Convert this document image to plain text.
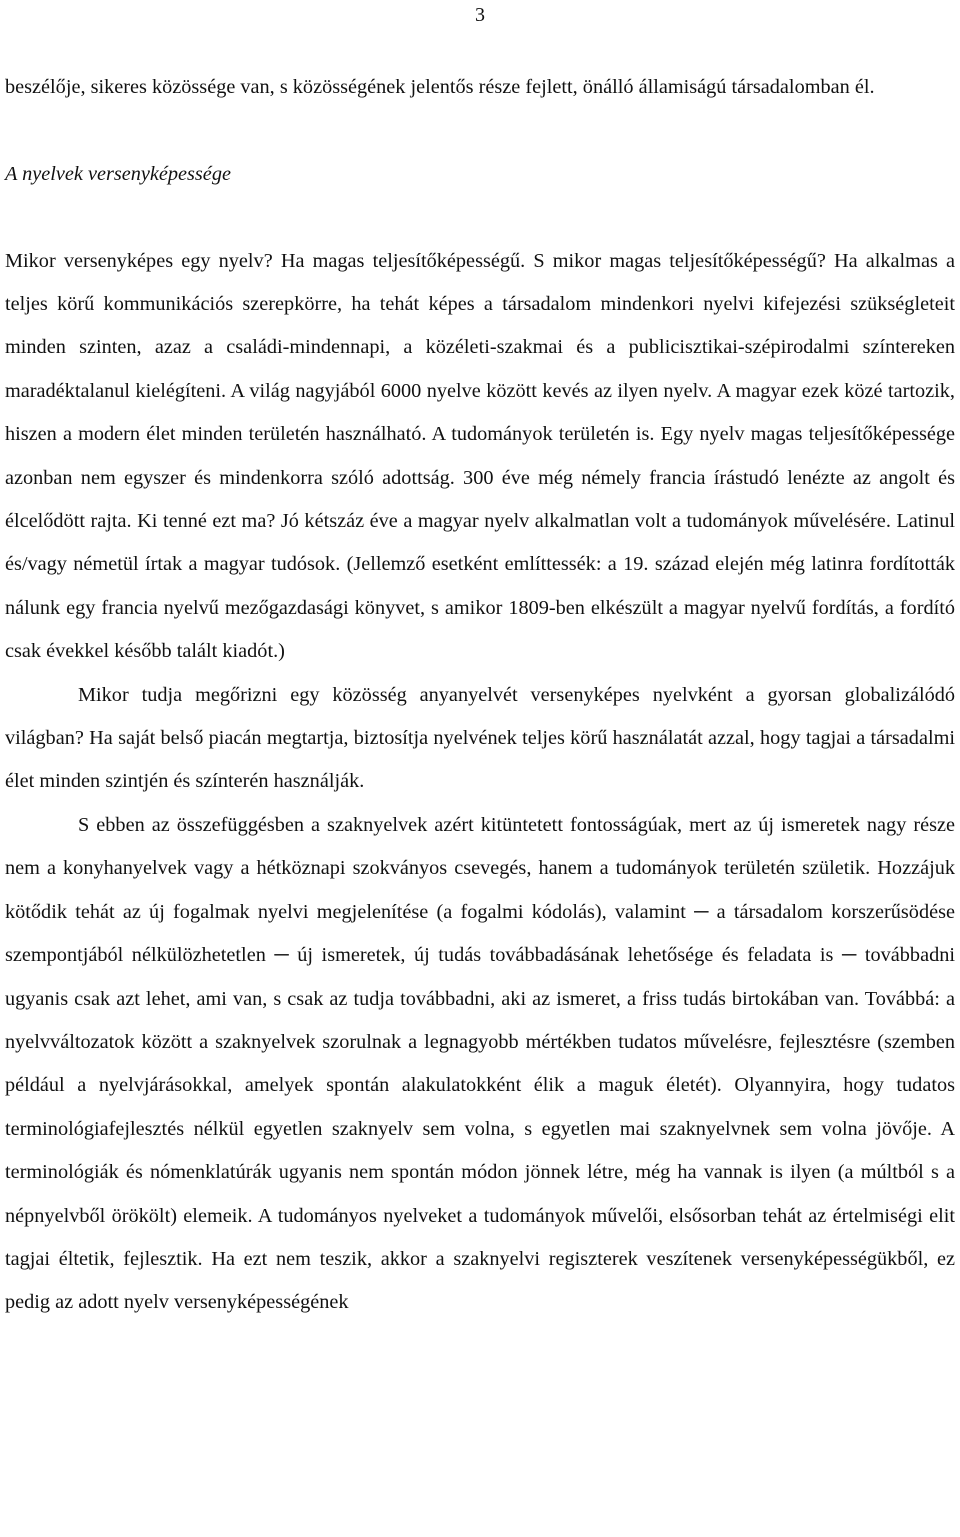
3

beszélője, sikeres közössége van, s közösségének jelentős része fejlett, önálló államiságú társadalomban él.

A nyelvek versenyképessége

Mikor versenyképes egy nyelv? Ha magas teljesítőképességű. S mikor magas teljesítőképességű? Ha alkalmas a teljes körű kommunikációs szerepkörre, ha tehát képes a társadalom mindenkori nyelvi kifejezési szükségleteit minden szinten, azaz a családi-mindennapi, a közéleti-szakmai és a publicisztikai-szépirodalmi színtereken maradéktalanul kielégíteni. A világ nagyjából 6000 nyelve között kevés az ilyen nyelv. A magyar ezek közé tartozik, hiszen a modern élet minden területén használható. A tudományok területén is. Egy nyelv magas teljesítőképessége azonban nem egyszer és mindenkorra szóló adottság. 300 éve még némely francia írástudó lenézte az angolt és élcelődött rajta. Ki tenné ezt ma? Jó kétszáz éve a magyar nyelv alkalmatlan volt a tudományok művelésére. Latinul és/vagy németül írtak a magyar tudósok. (Jellemző esetként említtessék: a 19. század elején még latinra fordították nálunk egy francia nyelvű mezőgazdasági könyvet, s amikor 1809-ben elkészült a magyar nyelvű fordítás, a fordító csak évekkel később talált kiadót.)

Mikor tudja megőrizni egy közösség anyanyelvét versenyképes nyelvként a gyorsan globalizálódó világban? Ha saját belső piacán megtartja, biztosítja nyelvének teljes körű használatát azzal, hogy tagjai a társadalmi élet minden szintjén és színterén használják.

S ebben az összefüggésben a szaknyelvek azért kitüntetett fontosságúak, mert az új ismeretek nagy része nem a konyhanyelvek vagy a hétköznapi szokványos csevegés, hanem a tudományok területén születik. Hozzájuk kötődik tehát az új fogalmak nyelvi megjelenítése (a fogalmi kódolás), valamint ─ a társadalom korszerűsödése szempontjából nélkülözhetetlen ─ új ismeretek, új tudás továbbadásának lehetősége és feladata is ─ továbbadni ugyanis csak azt lehet, ami van, s csak az tudja továbbadni, aki az ismeret, a friss tudás birtokában van. Továbbá: a nyelvváltozatok között a szaknyelvek szorulnak a legnagyobb mértékben tudatos művelésre, fejlesztésre (szemben például a nyelvjárásokkal, amelyek spontán alakulatokként élik a maguk életét). Olyannyira, hogy tudatos terminológiafejlesztés nélkül egyetlen szaknyelv sem volna, s egyetlen mai szaknyelvnek sem volna jövője. A terminológiák és nómenklatúrák ugyanis nem spontán módon jönnek létre, még ha vannak is ilyen (a múltból s a népnyelvből örökölt) elemeik. A tudományos nyelveket a tudományok művelői, elsősorban tehát az értelmiségi elit tagjai éltetik, fejlesztik. Ha ezt nem teszik, akkor a szaknyelvi regiszterek veszítenek versenyképességükből, ez pedig az adott nyelv versenyképességének
